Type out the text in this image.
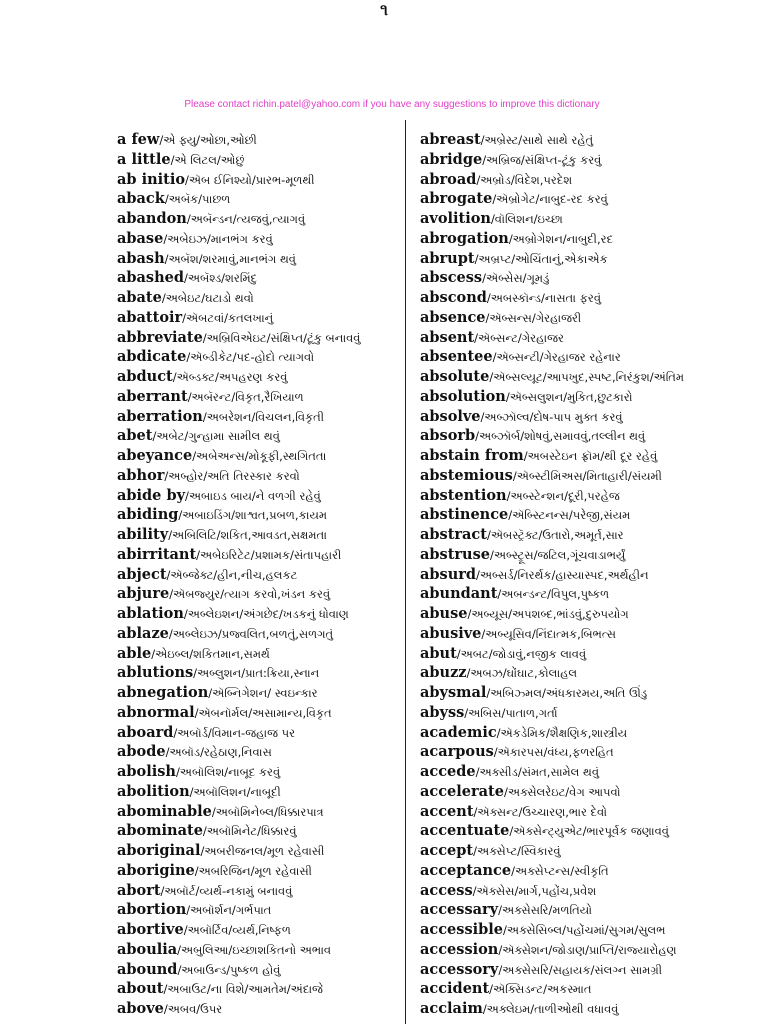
૧
Please contact richin.patel@yahoo.com if you have any suggestions to improve this dictionary
a few/એ ફ્યુ/ઓછા,ઓછી
a little/એ લિટલ/ઓછું
ab initio/ઍબ ઈનિશ્યો/પ્રારભ-મૂળથી
aback/અબૅક/પાછળ
abandon/અબૅન્ડન/ત્યજવું,ત્યાગવું
abase/અબેઇઝ/માનભંગ કરવું
abash/અબૅશ/શરમાવું,માનભંગ થવું
abashed/અબૅશ્ડ/શરમિંદુ
abate/અબેઇટ/ઘટાડો થવો
abattoir/ઍબટવાં/કતલખાનું
abbreviate/અબ્રિવિએઇટ/સંક્ષિપ્ત/ટૂંકુ બનાવવું
abdicate/ઍબ્ડીકેટ/પદ-હોદો ત્યાગવો
abduct/ઍબ્ડક્ટ/અપહરણ કરવું
aberrant/અબૅરન્ટ/વિકૃત,રૈખિયાળ
aberration/અબરેશન/વિચલન,વિકૃતી
abet/અબેટ/ગુન્હામા સામીલ થવું
abeyance/અબેઅન્સ/મોકૂફી,સ્થગિતતા
abhor/અબ્હોર/અતિ તિરસ્કાર કરવો
abide by/અબાઇડ બાય/ને વળગી રહેવું
abiding/અબાઇડિંગ/શાશ્વત,પ્રબળ,કાયમ
ability/અબિલિટિ/શકિત,આવડત,સક્ષમતા
abirritant/અબેઇરિટેટ/પ્રશામક/સંતાપહારી
abject/ઍબ્જેક્ટ/હીન,નીચ,હલકટ
abjure/ઍબજ્યુર/ત્યાગ કરવો,ખંડન કરવું
ablation/અબ્લેઇશન/અંગછેદ/ખડકનું ધોવાણ
ablaze/અબ્લેઇઝ/પ્રજ્વલિત,બળતું,સળગતું
able/એઇબ્લ/શકિતમાન,સમર્થ
ablutions/અબ્લુશન/પ્રાત:ક્રિયા,સ્નાન
abnegation/ઍબ્નિગેશન/ સ્વઇન્કાર
abnormal/ઍબનૉર્મલ/અસામાન્ય,વિકૃત
aboard/અબૉર્ડ/વિમાન-જહાજ પર
abode/અબૉડ/રહેઠાણ,નિવાસ
abolish/અબૉલિશ/નાબૂદ કરવું
abolition/અબૉલિશન/નાબૂદી
abominable/અબૉમિનેબ્લ/ધિક્કારપાત્ર
abominate/અબૉમિનેટ/ધિક્કારવું
aboriginal/અબરીજનલ/મૂળ રહેવાસી
aborigine/અબરિજિન/મૂળ રહેવાસી
abort/અબૉર્ટ/વ્યર્થ-નકામું બનાવવું
abortion/અબૉર્શન/ગર્ભપાત
abortive/અબૉર્ટિવ/વ્યર્થ,નિષ્ફળ
aboulia/અબુલિઆ/ઇચ્છાશકિતનો અભાવ
abound/અબાઉન્ડ/પુષ્કળ હોવું
about/અબાઉટ/ના વિશે/આમતેમ/અંદાજે
above/અબવ/ઉપર
abreast/અબ્રેસ્ટ/સાથે સાથે રહેતું
abridge/અબ્રિજ/સંક્ષિપ્ત-ટૂંકુ કરવું
abroad/અબ્રોડ/વિદેશ,પરદેશ
abrogate/ઍબ્રોગેટ/નાબુદ-રદ કરવું
avolition/વૉલિશન/ઇચ્છા
abrogation/અબ્રોગેશન/નાબુદી,રદ
abrupt/અબ્રપ્ટ/ઓચિંતાનું,એકાએક
abscess/ઍબ્સેસ/ગૂમડું
abscond/અબસ્કૉન્ડ/નાસતા ફરવું
absence/ઍબ્સન્સ/ગેરહાજરી
absent/ઍબ્સન્ટ/ગેરહાજર
absentee/ઍબ્સન્ટી/ગેરહાજર રહેનાર
absolute/ઍબ્સલ્યૂટ/આપખુદ,સ્પષ્ટ,નિરંકુશ/અંતિમ
absolution/ઍબ્સલુશન/મુકિત,છુટકારો
absolve/અબ્ઝૉલ્વ/દોષ-પાપ મુક્ત કરવું
absorb/અબ્ઝૉર્બ/શોષવું,સમાવવું,તલ્લીન થવું
abstain from/અબસ્ટેઇન ફ્રૉમ/થી દૂર રહેવું
abstemious/ઍબ્સ્ટીમિઅસ/મિતાહારી/સંયમી
abstention/અબ્સ્ટેન્શન/દૂરી,પરહેજ
abstinence/ઍબ્સ્ટિનન્સ/પરેજી,સંયમ
abstract/ઍબસ્ટ્રૅક્ટ/ઉતારો,અમૂર્ત,સાર
abstruse/અબ્સ્ટ્રૂસ/જટિલ,ગૂંચવાડાભર્યું
absurd/અબ્સર્ડ/નિરર્થક/હાસ્યાસ્પદ,અર્થહીન
abundant/અબન્ડન્ટ/વિપુલ,પુષ્કળ
abuse/અબ્યૂસ/અપશબ્દ,ભાંડવું,દુરુપયોગ
abusive/અબ્યૂસિવ/નિંદાત્મક,બિભત્સ
abut/અબટ/જોડાવું,નજીક લાવવું
abuzz/અબઝ/ઘોંઘાટ,કોલાહલ
abysmal/અબિઝ્મલ/અંધકારમય,અતિ ઊંડુ
abyss/અબિસ/પાતાળ,ગર્તા
academic/ઍકડેમિક/શૈક્ષણિક,શાસ્ત્રીય
acarpous/ઍકારપસ/વંધ્ય,ફળરહિત
accede/અક્સીડ/સંમત,સામેલ થવું
accelerate/અક્સેલરેઇટ/વેગ આપવો
accent/ઍક્સન્ટ/ઉચ્ચારણ,ભાર દેવો
accentuate/ઍક્સેન્ટ્યુએટ/ભારપૂર્વક જણાવવું
accept/અક્સેપ્ટ/સ્વિકારવું
acceptance/અક્સેપ્ટન્સ/સ્વીકૃતિ
access/ઍક્સેસ/માર્ગ,પહોંચ,પ્રવેશ
accessary/અક્સેસરિ/મળતિયો
accessible/અક્સેસિબ્લ/પહોંચમાં/સુગમ/સુલભ
accession/ઍક્સેશન/જોડાણ/પ્રાપ્તિ/રાજ્યારોહણ
accessory/અક્સેસરિ/સહાયક/સંલગ્ન સામગ્રી
accident/ઍક્સિડન્ટ/અકસ્માત
acclaim/અક્લેઇમ/તાળીઓથી વધાવવું
